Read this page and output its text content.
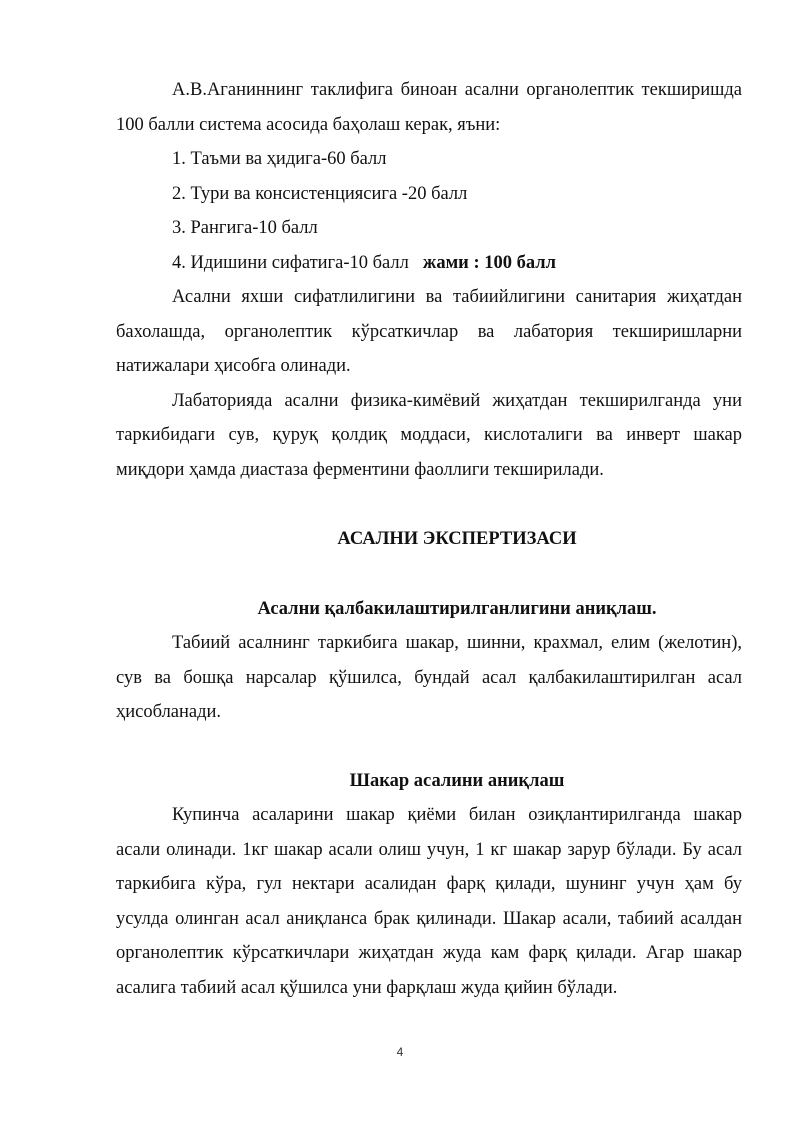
А.В.Аганиннинг таклифига биноан асални органолептик текширишда 100 балли система асосида баҳолаш керак, яъни:

1. Таъми ва ҳидига-60 балл

2. Тури ва консистенциясига -20 балл

3. Рангига-10 балл

4. Идишини сифатига-10 балл жами : 100 балл

Асални яхши сифатлилигини ва табиийлигини санитария жиҳатдан бахолашда, органолептик кўрсаткичлар ва лабатория текширишларни натижалари ҳисобга олинади.

Лабаторияда асални физика-кимёвий жиҳатдан текширилганда уни таркибидаги сув, қуруқ қолдиқ моддаси, кислоталиги ва инверт шакар миқдори ҳамда диастаза ферментини фаоллиги текширилади.

АСАЛНИ ЭКСПЕРТИЗАСИ

Асални қалбакилаштирилганлигини аниқлаш.

Табиий асалнинг таркибига шакар, шинни, крахмал, елим (желотин), сув ва бошқа нарсалар қўшилса, бундай асал қалбакилаштирилган асал ҳисобланади.

Шакар асалини аниқлаш

Купинча асаларини шакар қиёми билан озиқлантирилганда шакар асали олинади. 1кг шакар асали олиш учун, 1 кг шакар зарур бўлади. Бу асал таркибига кўра, гул нектари асалидан фарқ қилади, шунинг учун ҳам бу усулда олинган асал аниқланса брак қилинади. Шакар асали, табиий асалдан органолептик кўрсаткичлари жиҳатдан жуда кам фарқ қилади. Агар шакар асалига табиий асал қўшилса уни фарқлаш жуда қийин бўлади.

4
